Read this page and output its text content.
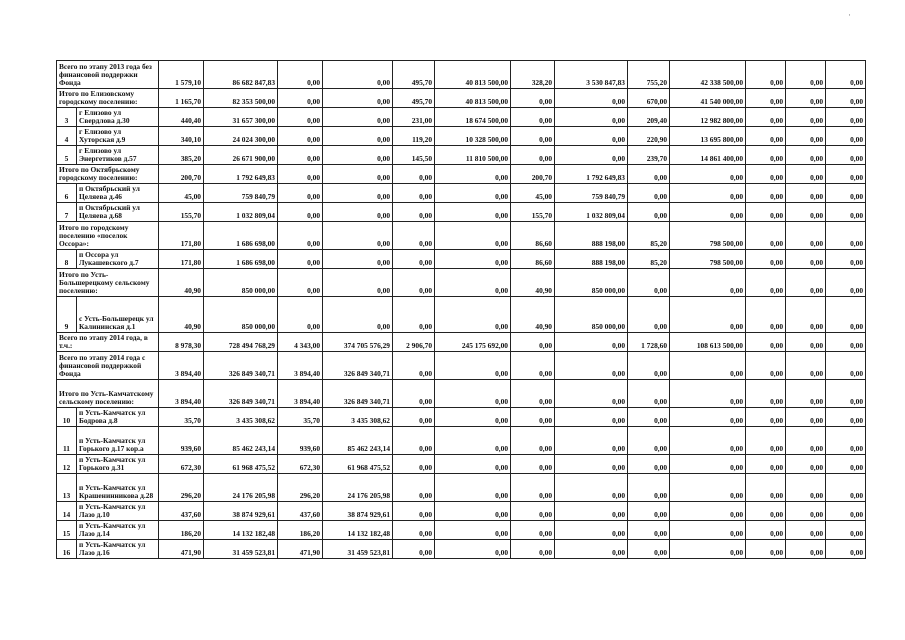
Всего по этапу 2013 года без финансовой поддержки Фонда		1 579,10	86 682 847,83	0,00	0,00	495,70	40 813 500,00	328,20	3 530 847,83	755,20	42 338 500,00	0,00	0,00	0,00
Итого по Елизовскому городскому поселению:		1 165,70	82 353 500,00	0,00	0,00	495,70	40 813 500,00	0,00	0,00	670,00	41 540 000,00	0,00	0,00	0,00
3	г Елизово ул Свердлова д.30	440,40	31 657 300,00	0,00	0,00	231,00	18 674 500,00	0,00	0,00	209,40	12 982 800,00	0,00	0,00	0,00
4	г Елизово ул Хуторская д.9	340,10	24 024 300,00	0,00	0,00	119,20	10 328 500,00	0,00	0,00	220,90	13 695 800,00	0,00	0,00	0,00
5	г Елизово ул Энергетиков д.57	385,20	26 671 900,00	0,00	0,00	145,50	11 810 500,00	0,00	0,00	239,70	14 861 400,00	0,00	0,00	0,00
Итого по Октябрьскому городскому поселению:		200,70	1 792 649,83	0,00	0,00	0,00	0,00	200,70	1 792 649,83	0,00	0,00	0,00	0,00	0,00
6	п Октябрьский ул Целяева д.46	45,00	759 840,79	0,00	0,00	0,00	0,00	45,00	759 840,79	0,00	0,00	0,00	0,00	0,00
7	п Октябрьский ул Целяева д.68	155,70	1 032 809,04	0,00	0,00	0,00	0,00	155,70	1 032 809,04	0,00	0,00	0,00	0,00	0,00
Итого по городскому поселению «поселок Оссора»:		171,80	1 686 698,00	0,00	0,00	0,00	0,00	86,60	888 198,00	85,20	798 500,00	0,00	0,00	0,00
8	п Оссора ул Лукашевского д.7	171,80	1 686 698,00	0,00	0,00	0,00	0,00	86,60	888 198,00	85,20	798 500,00	0,00	0,00	0,00
Итого по Усть-Большерецкому сельскому поселению:		40,90	850 000,00	0,00	0,00	0,00	0,00	40,90	850 000,00	0,00	0,00	0,00	0,00	0,00
9	с Усть-Большерецк ул Калининская д.1	40,90	850 000,00	0,00	0,00	0,00	0,00	40,90	850 000,00	0,00	0,00	0,00	0,00	0,00
Всего по этапу 2014 года, в т.ч.:		8 978,30	728 494 768,29	4 343,00	374 705 576,29	2 906,70	245 175 692,00	0,00	0,00	1 728,60	108 613 500,00	0,00	0,00	0,00
Всего по этапу 2014 года с финансовой поддержкой Фонда		3 894,40	326 849 340,71	3 894,40	326 849 340,71	0,00	0,00	0,00	0,00	0,00	0,00	0,00	0,00	0,00
Итого по Усть-Камчатскому сельскому поселению:		3 894,40	326 849 340,71	3 894,40	326 849 340,71	0,00	0,00	0,00	0,00	0,00	0,00	0,00	0,00	0,00
10	п Усть-Камчатск ул Бодрова д.8	35,70	3 435 308,62	35,70	3 435 308,62	0,00	0,00	0,00	0,00	0,00	0,00	0,00	0,00	0,00
11	п Усть-Камчатск ул Горького д.17 кор.а	939,60	85 462 243,14	939,60	85 462 243,14	0,00	0,00	0,00	0,00	0,00	0,00	0,00	0,00	0,00
12	п Усть-Камчатск ул Горького д.31	672,30	61 968 475,52	672,30	61 968 475,52	0,00	0,00	0,00	0,00	0,00	0,00	0,00	0,00	0,00
13	п Усть-Камчатск ул Крашенинникова д.28	296,20	24 176 205,98	296,20	24 176 205,98	0,00	0,00	0,00	0,00	0,00	0,00	0,00	0,00	0,00
14	п Усть-Камчатск ул Лазо д.10	437,60	38 874 929,61	437,60	38 874 929,61	0,00	0,00	0,00	0,00	0,00	0,00	0,00	0,00	0,00
15	п Усть-Камчатск ул Лазо д.14	186,20	14 132 182,48	186,20	14 132 182,48	0,00	0,00	0,00	0,00	0,00	0,00	0,00	0,00	0,00
16	п Усть-Камчатск ул Лазо д.16	471,90	31 459 523,81	471,90	31 459 523,81	0,00	0,00	0,00	0,00	0,00	0,00	0,00	0,00	0,00
·
